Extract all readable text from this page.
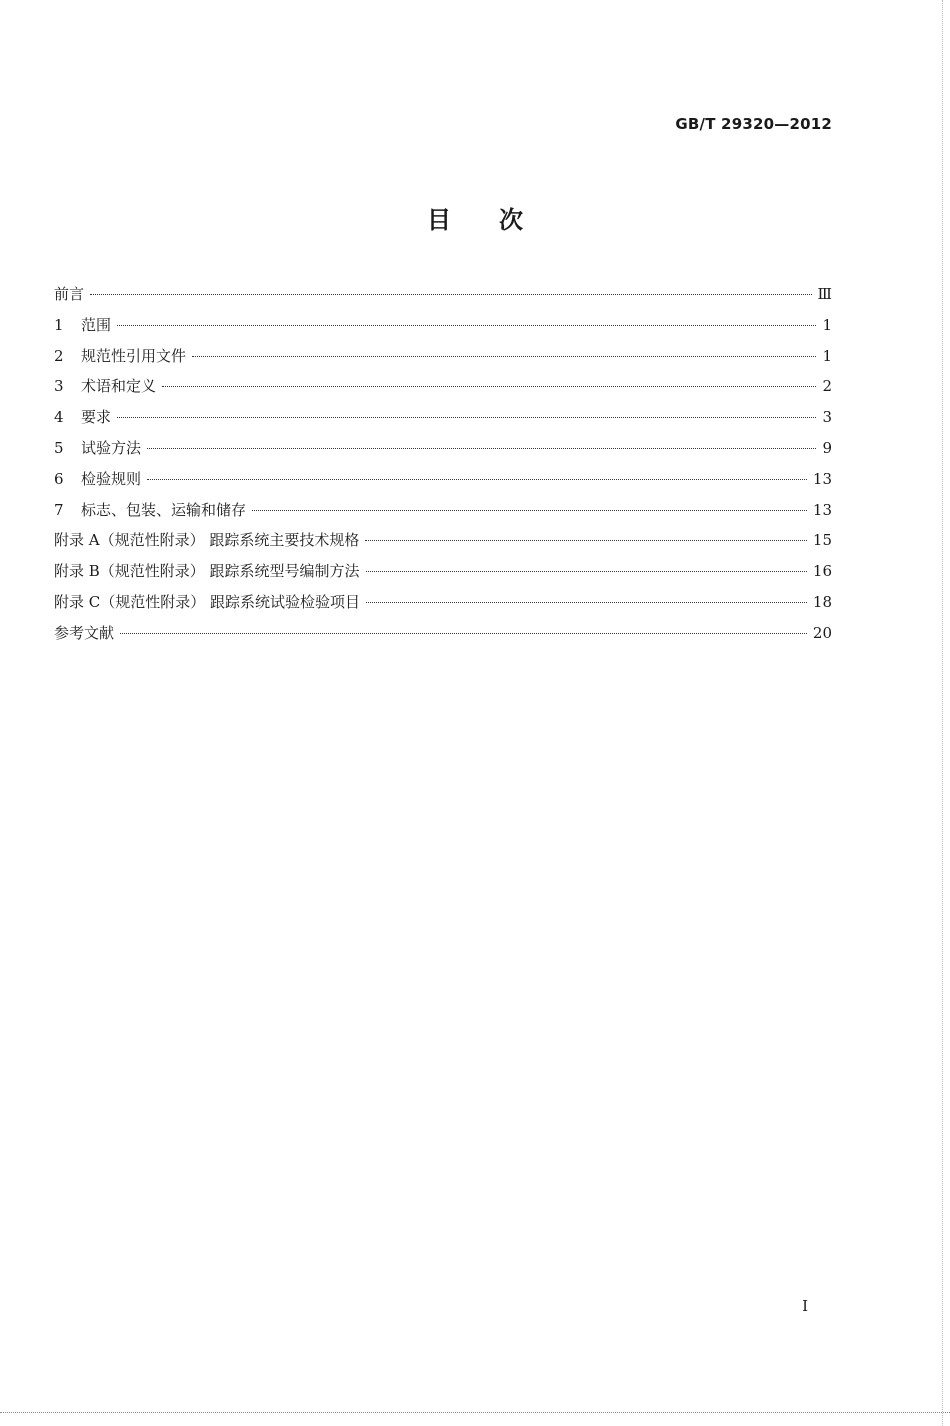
GB/T 29320—2012
目次
前言	Ⅲ
1 范围	1
2 规范性引用文件	1
3 术语和定义	2
4 要求	3
5 试验方法	9
6 检验规则	13
7 标志、包装、运输和储存	13
附录 A（规范性附录） 跟踪系统主要技术规格	15
附录 B（规范性附录） 跟踪系统型号编制方法	16
附录 C（规范性附录） 跟踪系统试验检验项目	18
参考文献	20
I
